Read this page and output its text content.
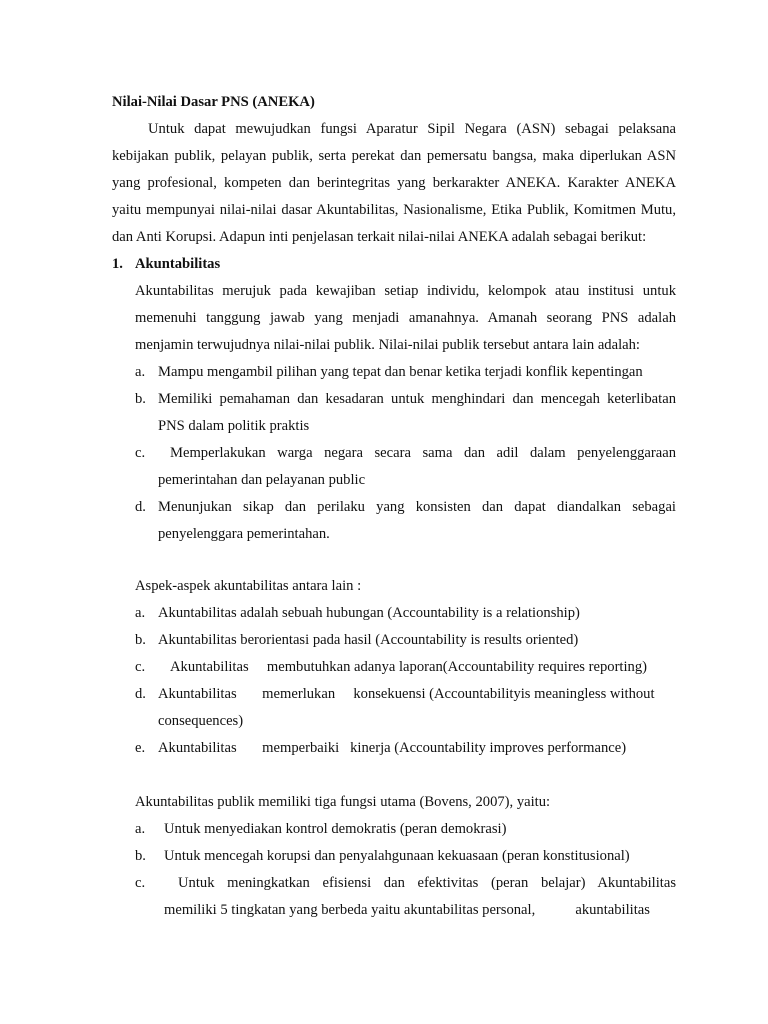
Nilai-Nilai Dasar PNS (ANEKA)
Untuk dapat mewujudkan fungsi Aparatur Sipil Negara (ASN) sebagai pelaksana
kebijakan publik, pelayan publik, serta perekat dan pemersatu bangsa, maka diperlukan ASN
yang profesional, kompeten dan berintegritas yang berkarakter ANEKA. Karakter ANEKA
yaitu mempunyai nilai-nilai dasar Akuntabilitas, Nasionalisme, Etika Publik, Komitmen Mutu,
dan Anti Korupsi. Adapun inti penjelasan terkait nilai-nilai ANEKA adalah sebagai berikut:
1. Akuntabilitas
Akuntabilitas merujuk pada kewajiban setiap individu, kelompok atau institusi untuk
memenuhi tanggung jawab yang menjadi amanahnya. Amanah seorang PNS adalah
menjamin terwujudnya nilai-nilai publik. Nilai-nilai publik tersebut antara lain adalah:
a. Mampu mengambil pilihan yang tepat dan benar ketika terjadi konflik kepentingan
b. Memiliki pemahaman dan kesadaran untuk menghindari dan mencegah keterlibatan
PNS dalam politik praktis
c. Memperlakukan warga negara secara sama dan adil dalam penyelenggaraan
pemerintahan dan pelayanan public
d. Menunjukan sikap dan perilaku yang konsisten dan dapat diandalkan sebagai
penyelenggara pemerintahan.
Aspek-aspek akuntabilitas antara lain :
a. Akuntabilitas adalah sebuah hubungan (Accountability is a relationship)
b. Akuntabilitas berorientasi pada hasil (Accountability is results oriented)
c. Akuntabilitas     membutuhkan adanya laporan(Accountability requires reporting)
d. Akuntabilitas       memerlukan     konsekuensi (Accountabilityis meaningless without
consequences)
e. Akuntabilitas       memperbaiki   kinerja (Accountability improves performance)
Akuntabilitas publik memiliki tiga fungsi utama (Bovens, 2007), yaitu:
a. Untuk menyediakan kontrol demokratis (peran demokrasi)
b. Untuk mencegah korupsi dan penyalahgunaan kekuasaan (peran konstitusional)
c. Untuk meningkatkan efisiensi dan efektivitas (peran belajar) Akuntabilitas
memiliki 5 tingkatan yang berbeda yaitu akuntabilitas personal,           akuntabilitas
